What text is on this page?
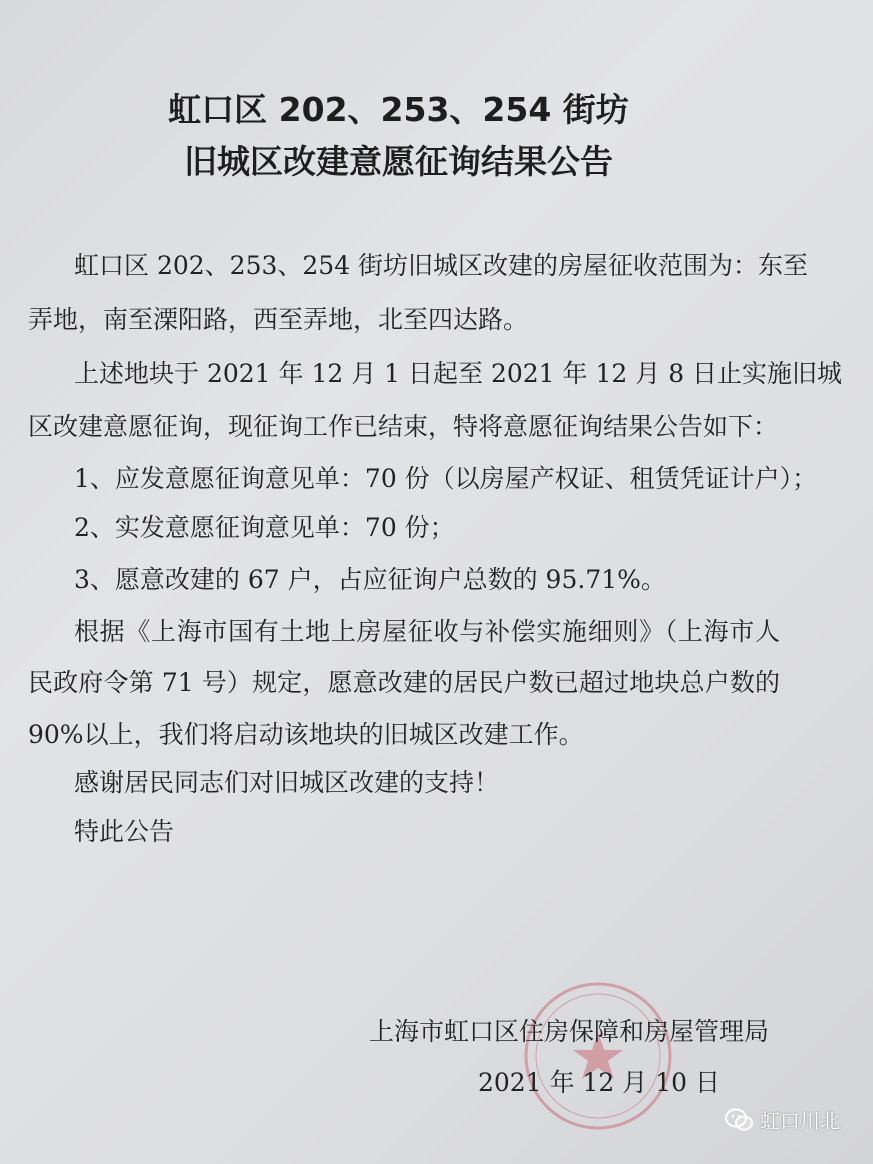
虹口区 202、253、254 街坊
旧城区改建意愿征询结果公告
虹口区 202、253、254 街坊旧城区改建的房屋征收范围为：东至
弄地，南至溧阳路，西至弄地，北至四达路。
上述地块于 2021 年 12 月 1 日起至 2021 年 12 月 8 日止实施旧城
区改建意愿征询，现征询工作已结束，特将意愿征询结果公告如下：
1、应发意愿征询意见单：70 份（以房屋产权证、租赁凭证计户）；
2、实发意愿征询意见单：70 份；
3、愿意改建的 67 户，占应征询户总数的 95.71%。
根据《上海市国有土地上房屋征收与补偿实施细则》（上海市人
民政府令第 71 号）规定，愿意改建的居民户数已超过地块总户数的
90%以上，我们将启动该地块的旧城区改建工作。
感谢居民同志们对旧城区改建的支持！
特此公告
上海市虹口区住房保障和房屋管理局
2021 年 12 月 10 日
虹口川北
